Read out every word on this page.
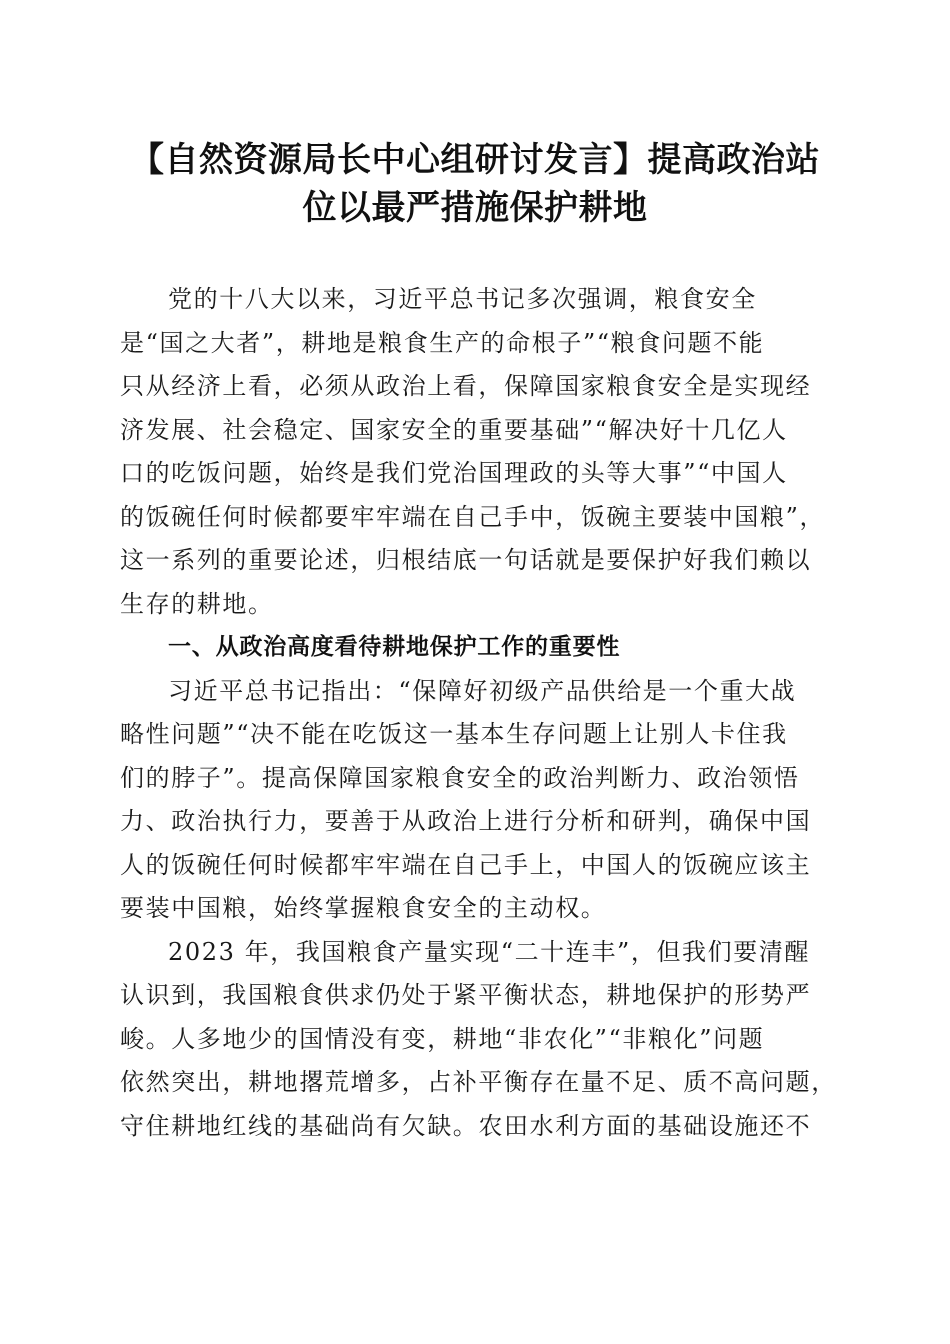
【自然资源局长中心组研讨发言】提高政治站
位以最严措施保护耕地

党的十八大以来，习近平总书记多次强调，粮食安全
是“国之大者”，耕地是粮食生产的命根子”“粮食问题不能
只从经济上看，必须从政治上看，保障国家粮食安全是实现经
济发展、社会稳定、国家安全的重要基础”“解决好十几亿人
口的吃饭问题，始终是我们党治国理政的头等大事”“中国人
的饭碗任何时候都要牢牢端在自己手中，饭碗主要装中国粮”，
这一系列的重要论述，归根结底一句话就是要保护好我们赖以
生存的耕地。

一、从政治高度看待耕地保护工作的重要性

习近平总书记指出：“保障好初级产品供给是一个重大战
略性问题”“决不能在吃饭这一基本生存问题上让别人卡住我
们的脖子”。提高保障国家粮食安全的政治判断力、政治领悟
力、政治执行力，要善于从政治上进行分析和研判，确保中国
人的饭碗任何时候都牢牢端在自己手上，中国人的饭碗应该主
要装中国粮，始终掌握粮食安全的主动权。

2023 年，我国粮食产量实现“二十连丰”，但我们要清醒
认识到，我国粮食供求仍处于紧平衡状态，耕地保护的形势严
峻。人多地少的国情没有变，耕地“非农化”“非粮化”问题
依然突出，耕地撂荒增多，占补平衡存在量不足、质不高问题，
守住耕地红线的基础尚有欠缺。农田水利方面的基础设施还不
